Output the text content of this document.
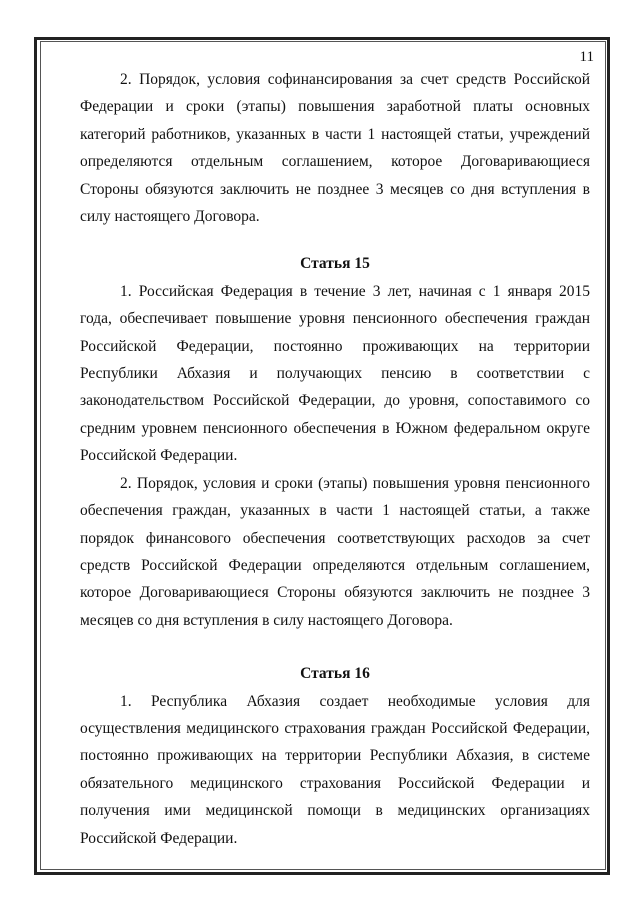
11

2. Порядок, условия софинансирования за счет средств Российской Федерации и сроки (этапы) повышения заработной платы основных категорий работников, указанных в части 1 настоящей статьи, учреждений определяются отдельным соглашением, которое Договаривающиеся Стороны обязуются заключить не позднее 3 месяцев со дня вступления в силу настоящего Договора.

Статья 15

1. Российская Федерация в течение 3 лет, начиная с 1 января 2015 года, обеспечивает повышение уровня пенсионного обеспечения граждан Российской Федерации, постоянно проживающих на территории Республики Абхазия и получающих пенсию в соответствии с законодательством Российской Федерации, до уровня, сопоставимого со средним уровнем пенсионного обеспечения в Южном федеральном округе Российской Федерации.

2. Порядок, условия и сроки (этапы) повышения уровня пенсионного обеспечения граждан, указанных в части 1 настоящей статьи, а также порядок финансового обеспечения соответствующих расходов за счет средств Российской Федерации определяются отдельным соглашением, которое Договаривающиеся Стороны обязуются заключить не позднее 3 месяцев со дня вступления в силу настоящего Договора.

Статья 16

1. Республика Абхазия создает необходимые условия для осуществления медицинского страхования граждан Российской Федерации, постоянно проживающих на территории Республики Абхазия, в системе обязательного медицинского страхования Российской Федерации и получения ими медицинской помощи в медицинских организациях Российской Федерации.
